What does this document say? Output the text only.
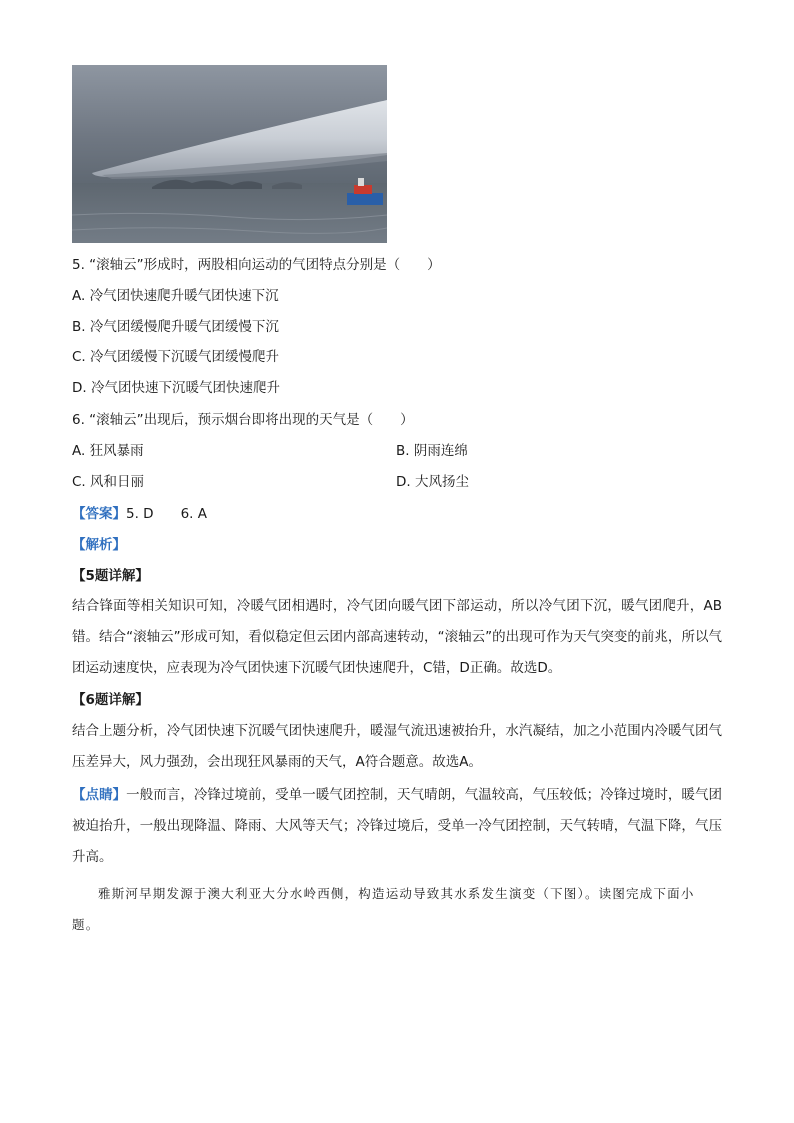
5. “滚轴云”形成时，两股相向运动的气团特点分别是（　　）
A. 冷气团快速爬升暖气团快速下沉
B. 冷气团缓慢爬升暖气团缓慢下沉
C. 冷气团缓慢下沉暖气团缓慢爬升
D. 冷气团快速下沉暖气团快速爬升
6. “滚轴云”出现后，预示烟台即将出现的天气是（　　）
A. 狂风暴雨	B. 阴雨连绵
C. 风和日丽	D. 大风扬尘
【答案】5. D　　6. A
【解析】
【5题详解】
结合锋面等相关知识可知，冷暖气团相遇时，冷气团向暖气团下部运动，所以冷气团下沉，暖气团爬升，AB错。结合“滚轴云”形成可知，看似稳定但云团内部高速转动，“滚轴云”的出现可作为天气突变的前兆，所以气团运动速度快，应表现为冷气团快速下沉暖气团快速爬升，C错，D正确。故选D。
【6题详解】
结合上题分析，冷气团快速下沉暖气团快速爬升，暖湿气流迅速被抬升，水汽凝结，加之小范围内冷暖气团气压差异大，风力强劲，会出现狂风暴雨的天气，A符合题意。故选A。
【点睛】一般而言，冷锋过境前，受单一暖气团控制，天气晴朗，气温较高，气压较低；冷锋过境时，暖气团被迫抬升，一般出现降温、降雨、大风等天气；冷锋过境后，受单一冷气团控制，天气转晴，气温下降，气压升高。
雅斯河早期发源于澳大利亚大分水岭西侧，构造运动导致其水系发生演变（下图）。读图完成下面小
题。
